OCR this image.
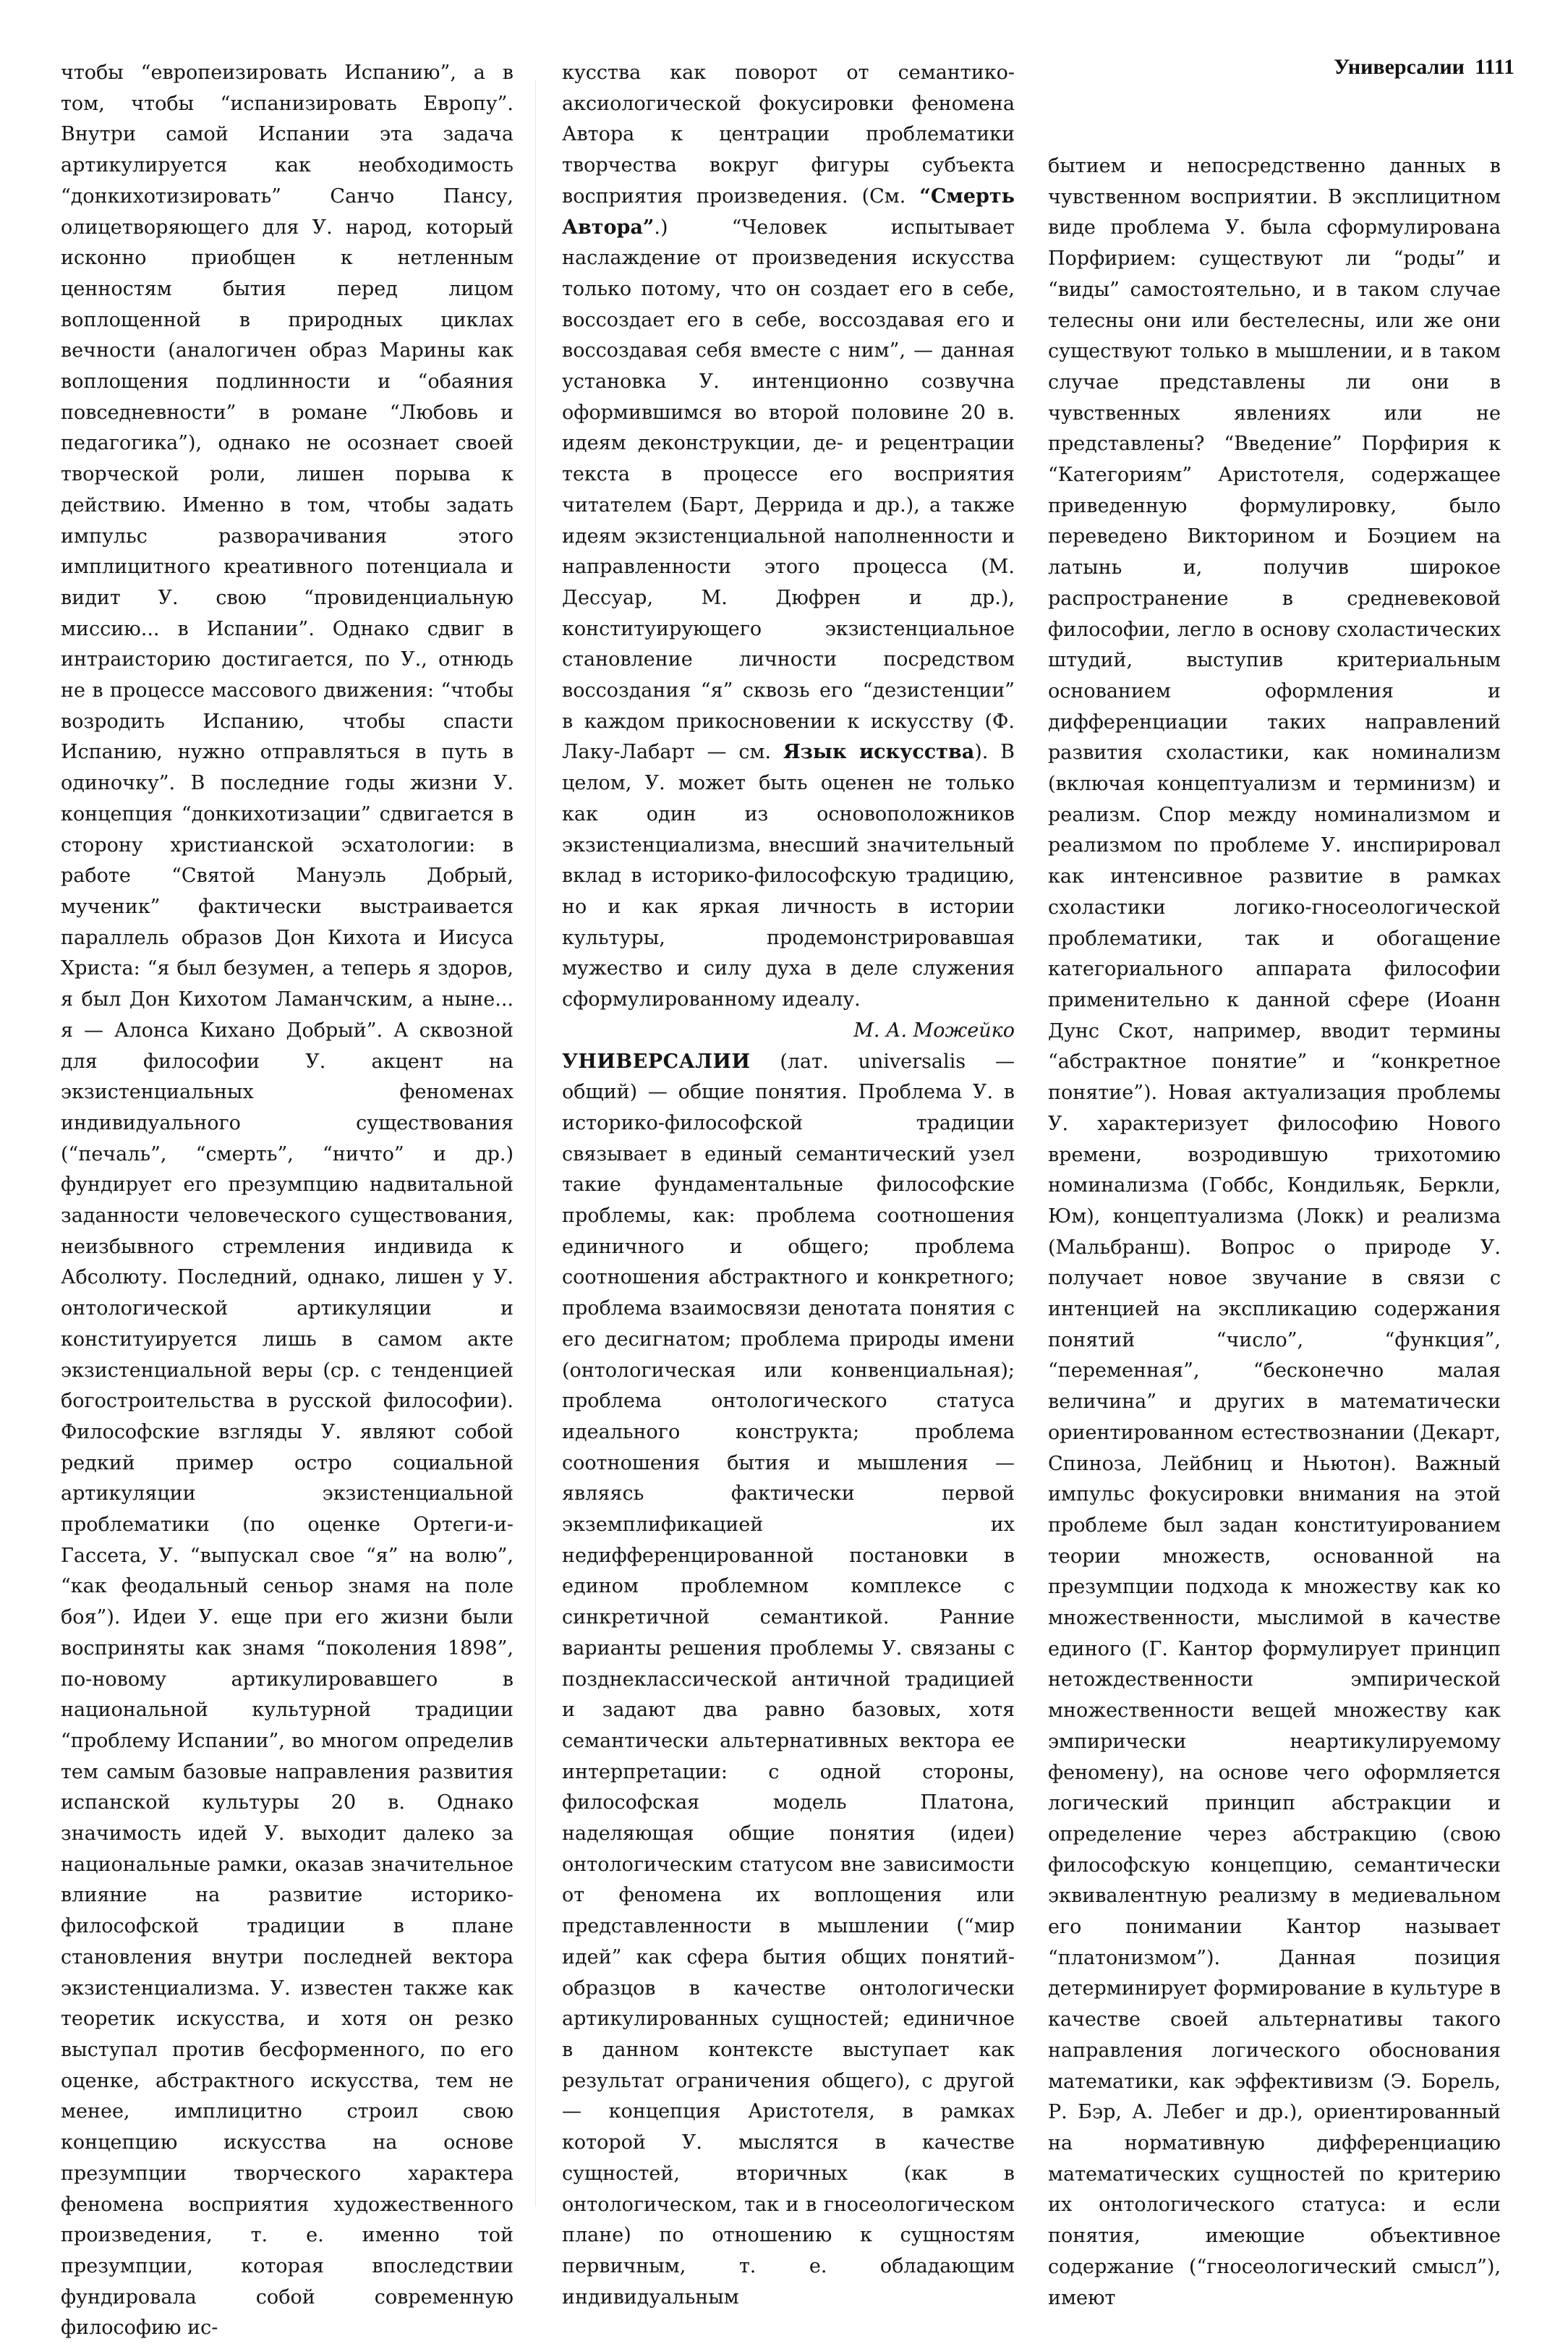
Универсалии 1111

чтобы “европеизировать Испанию”, а в том, чтобы “испанизировать Европу”. Внутри самой Испании эта задача артикулируется как необходимость “донкихотизировать” Санчо Пансу, олицетворяющего для У. народ, который исконно приобщен к нетленным ценностям бытия перед лицом воплощенной в природных циклах вечности (аналогичен образ Марины как воплощения подлинности и “обаяния повседневности” в романе “Любовь и педагогика”), однако не осознает своей творческой роли, лишен порыва к действию. Именно в том, чтобы задать импульс разворачивания этого имплицитного креативного потенциала и видит У. свою “провиденциальную миссию... в Испании”. Однако сдвиг в интраисторию достигается, по У., отнюдь не в процессе массового движения: “чтобы возродить Испанию, чтобы спасти Испанию, нужно отправляться в путь в одиночку”. В последние годы жизни У. концепция “донкихотизации” сдвигается в сторону христианской эсхатологии: в работе “Святой Мануэль Добрый, мученик” фактически выстраивается параллель образов Дон Кихота и Иисуса Христа: “я был безумен, а теперь я здоров, я был Дон Кихотом Ламанчским, а ныне... я — Алонса Кихано Добрый”. А сквозной для философии У. акцент на экзистенциальных феноменах индивидуального существования (“печаль”, “смерть”, “ничто” и др.) фундирует его презумпцию надвитальной заданности человеческого существования, неизбывного стремления индивида к Абсолюту. Последний, однако, лишен у У. онтологической артикуляции и конституируется лишь в самом акте экзистенциальной веры (ср. с тенденцией богостроительства в русской философии). Философские взгляды У. являют собой редкий пример остро социальной артикуляции экзистенциальной проблематики (по оценке Ортеги-и-Гассета, У. “выпускал свое “я” на волю”, “как феодальный сеньор знамя на поле боя”). Идеи У. еще при его жизни были восприняты как знамя “поколения 1898”, по-новому артикулировавшего в национальной культурной традиции “проблему Испании”, во многом определив тем самым базовые направления развития испанской культуры 20 в. Однако значимость идей У. выходит далеко за национальные рамки, оказав значительное влияние на развитие историко-философской традиции в плане становления внутри последней вектора экзистенциализма. У. известен также как теоретик искусства, и хотя он резко выступал против бесформенного, по его оценке, абстрактного искусства, тем не менее, имплицитно строил свою концепцию искусства на основе презумпции творческого характера феномена восприятия художественного произведения, т. е. именно той презумпции, которая впоследствии фундировала собой современную философию ис-

кусства как поворот от семантико-аксиологической фокусировки феномена Автора к центрации проблематики творчества вокруг фигуры субъекта восприятия произведения. (См. “Смерть Автора”.) “Человек испытывает наслаждение от произведения искусства только потому, что он создает его в себе, воссоздает его в себе, воссоздавая его и воссоздавая себя вместе с ним”, — данная установка У. интенционно созвучна оформившимся во второй половине 20 в. идеям деконструкции, де- и рецентрации текста в процессе его восприятия читателем (Барт, Деррида и др.), а также идеям экзистенциальной наполненности и направленности этого процесса (М. Дессуар, М. Дюфрен и др.), конституирующего экзистенциальное становление личности посредством воссоздания “я” сквозь его “дезистенции” в каждом прикосновении к искусству (Ф. Лаку-Лабарт — см. Язык искусства). В целом, У. может быть оценен не только как один из основоположников экзистенциализма, внесший значительный вклад в историко-философскую традицию, но и как яркая личность в истории культуры, продемонстрировавшая мужество и силу духа в деле служения сформулированному идеалу.

М. А. Можейко

УНИВЕРСАЛИИ (лат. universalis — общий) — общие понятия. Проблема У. в историко-философской традиции связывает в единый семантический узел такие фундаментальные философские проблемы, как: проблема соотношения единичного и общего; проблема соотношения абстрактного и конкретного; проблема взаимосвязи денотата понятия с его десигнатом; проблема природы имени (онтологическая или конвенциальная); проблема онтологического статуса идеального конструкта; проблема соотношения бытия и мышления — являясь фактически первой экземплификацией их недифференцированной постановки в едином проблемном комплексе с синкретичной семантикой. Ранние варианты решения проблемы У. связаны с позднеклассической античной традицией и задают два равно базовых, хотя семантически альтернативных вектора ее интерпретации: с одной стороны, философская модель Платона, наделяющая общие понятия (идеи) онтологическим статусом вне зависимости от феномена их воплощения или представленности в мышлении (“мир идей” как сфера бытия общих понятий-образцов в качестве онтологически артикулированных сущностей; единичное в данном контексте выступает как результат ограничения общего), с другой — концепция Аристотеля, в рамках которой У. мыслятся в качестве сущностей, вторичных (как в онтологическом, так и в гносеологическом плане) по отношению к сущностям первичным, т. е. обладающим индивидуальным

бытием и непосредственно данных в чувственном восприятии. В эксплицитном виде проблема У. была сформулирована Порфирием: существуют ли “роды” и “виды” самостоятельно, и в таком случае телесны они или бестелесны, или же они существуют только в мышлении, и в таком случае представлены ли они в чувственных явлениях или не представлены? “Введение” Порфирия к “Категориям” Аристотеля, содержащее приведенную формулировку, было переведено Викторином и Боэцием на латынь и, получив широкое распространение в средневековой философии, легло в основу схоластических штудий, выступив критериальным основанием оформления и дифференциации таких направлений развития схоластики, как номинализм (включая концептуализм и терминизм) и реализм. Спор между номинализмом и реализмом по проблеме У. инспирировал как интенсивное развитие в рамках схоластики логико-гносеологической проблематики, так и обогащение категориального аппарата философии применительно к данной сфере (Иоанн Дунс Скот, например, вводит термины “абстрактное понятие” и “конкретное понятие”). Новая актуализация проблемы У. характеризует философию Нового времени, возродившую трихотомию номинализма (Гоббс, Кондильяк, Беркли, Юм), концептуализма (Локк) и реализма (Мальбранш). Вопрос о природе У. получает новое звучание в связи с интенцией на экспликацию содержания понятий “число”, “функция”, “переменная”, “бесконечно малая величина” и других в математически ориентированном естествознании (Декарт, Спиноза, Лейбниц и Ньютон). Важный импульс фокусировки внимания на этой проблеме был задан конституированием теории множеств, основанной на презумпции подхода к множеству как ко множественности, мыслимой в качестве единого (Г. Кантор формулирует принцип нетождественности эмпирической множественности вещей множеству как эмпирически неартикулируемому феномену), на основе чего оформляется логический принцип абстракции и определение через абстракцию (свою философскую концепцию, семантически эквивалентную реализму в медиевальном его понимании Кантор называет “платонизмом”). Данная позиция детерминирует формирование в культуре в качестве своей альтернативы такого направления логического обоснования математики, как эффективизм (Э. Борель, Р. Бэр, А. Лебег и др.), ориентированный на нормативную дифференциацию математических сущностей по критерию их онтологического статуса: и если понятия, имеющие объективное содержание (“гносеологический смысл”), имеют
